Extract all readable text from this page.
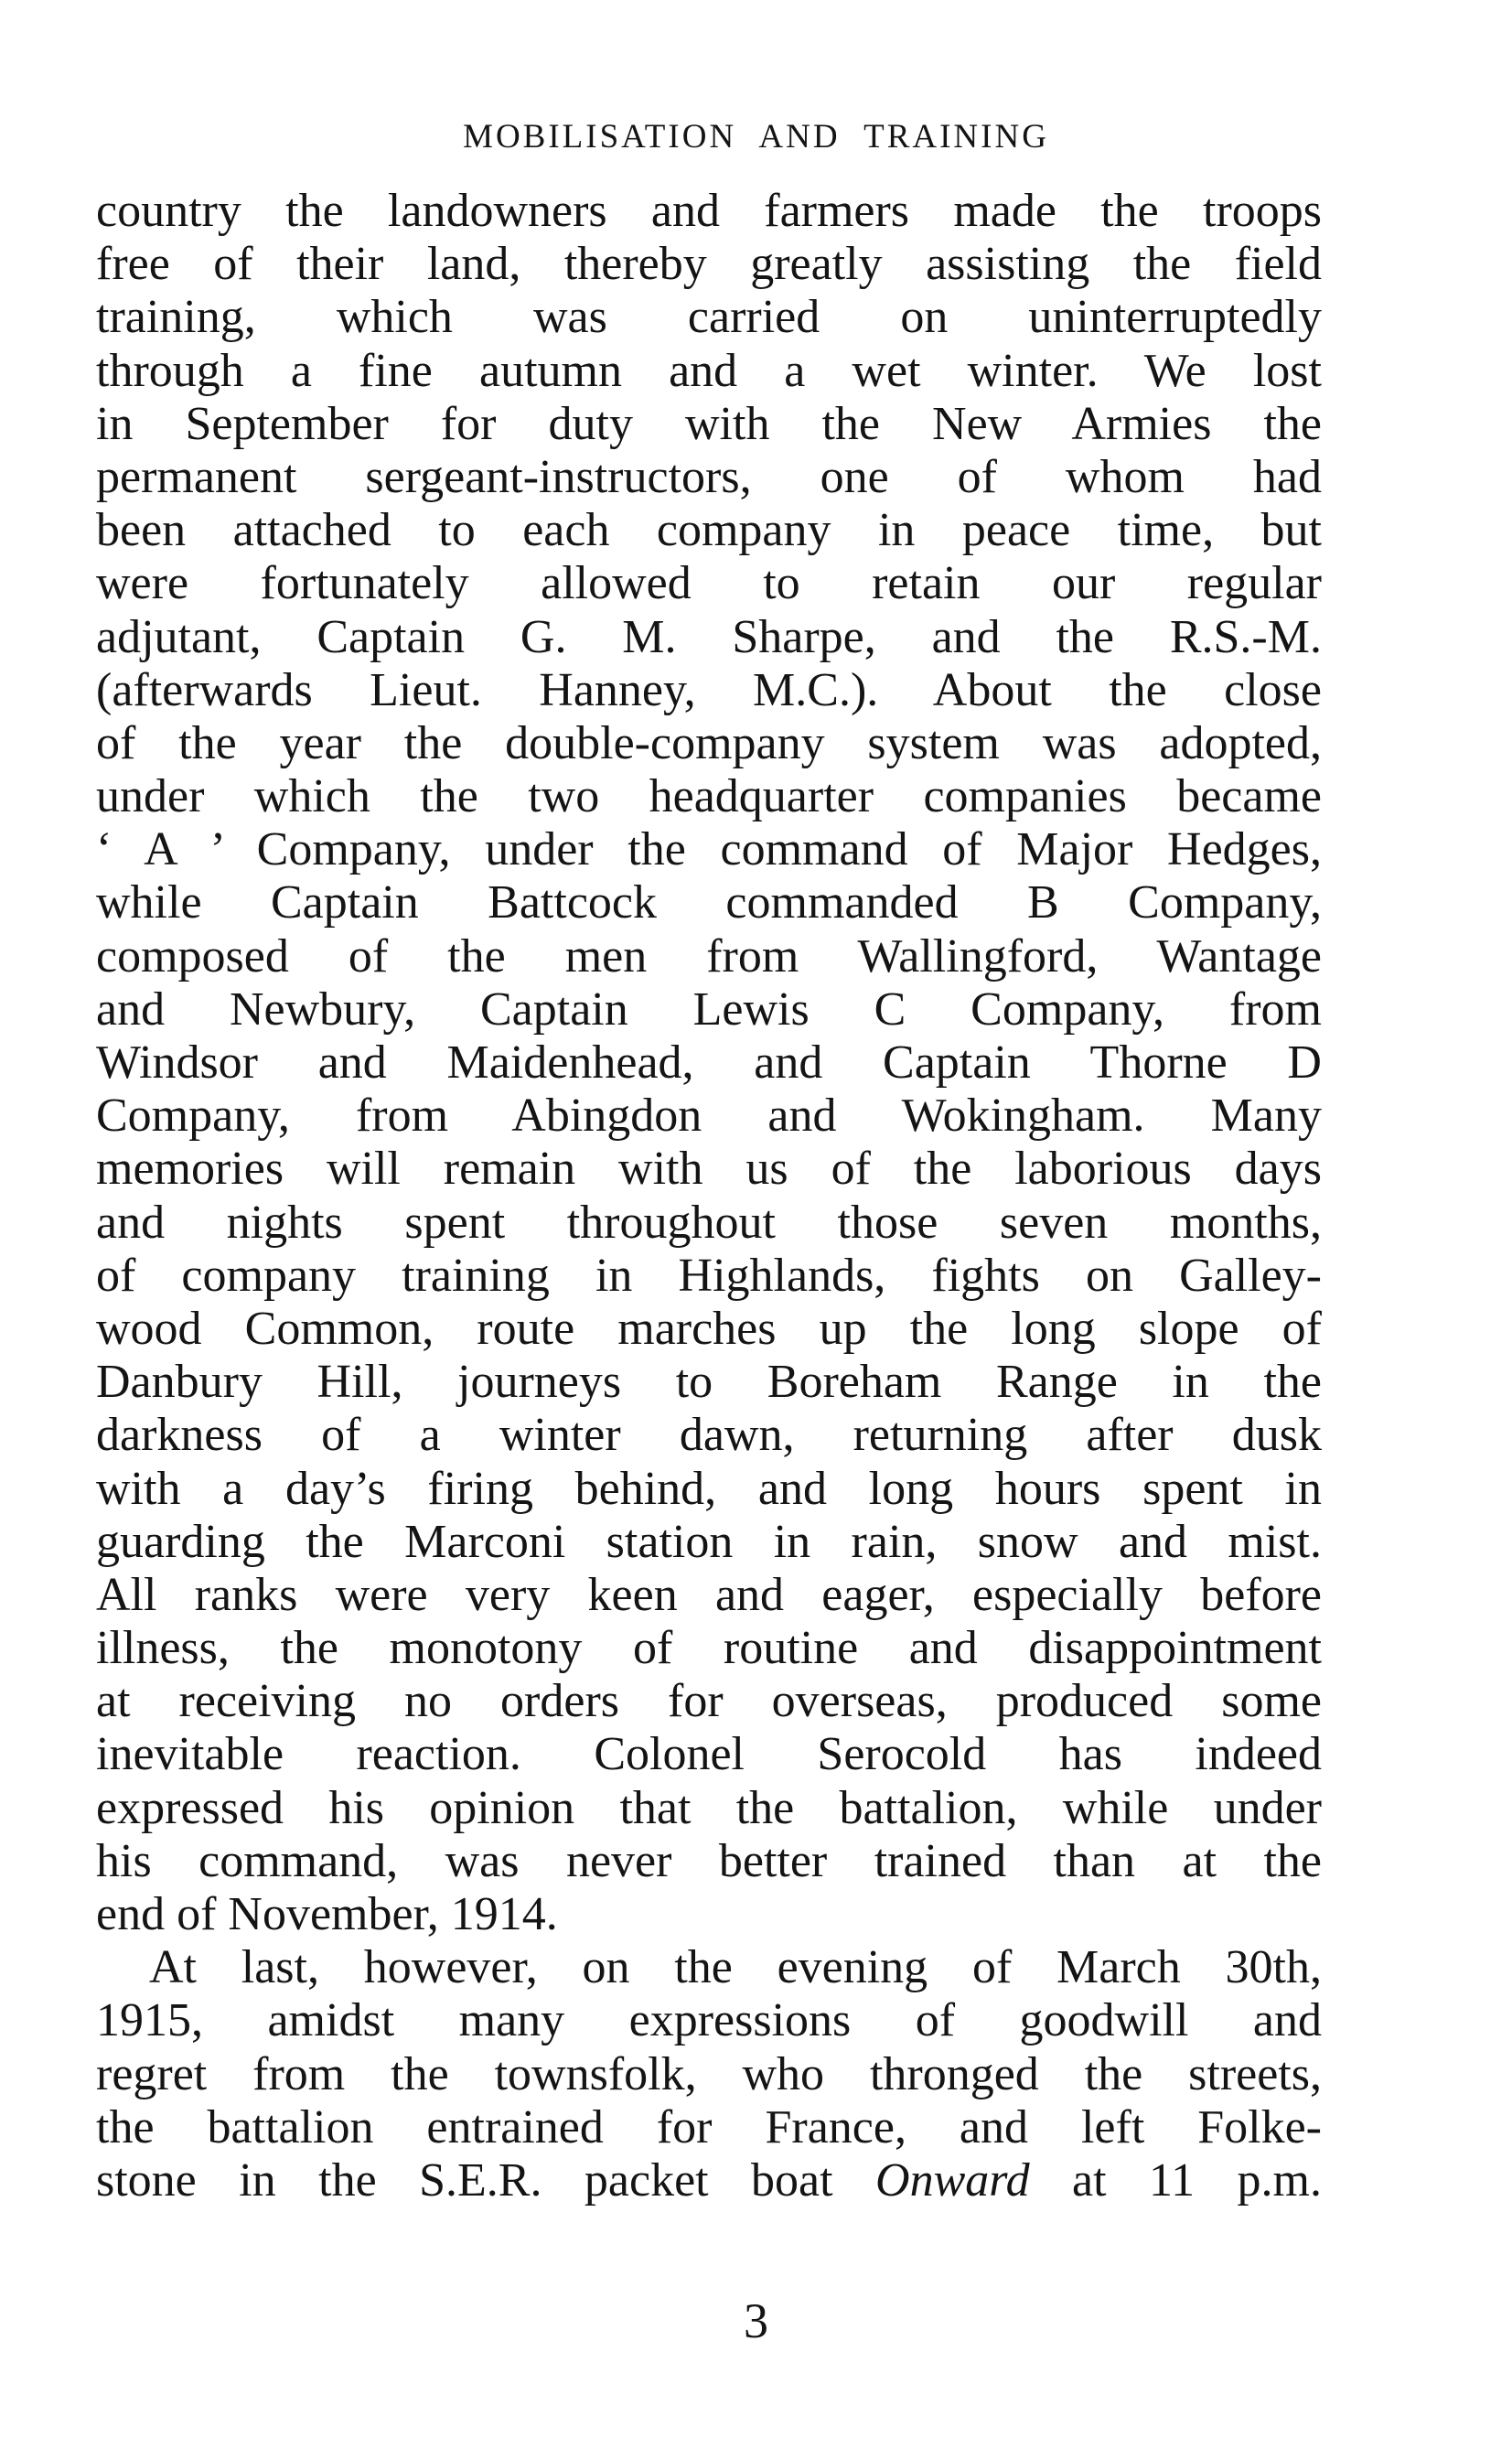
MOBILISATION AND TRAINING
country the landowners and farmers made the troops
free of their land, thereby greatly assisting the field
training, which was carried on uninterruptedly
through a fine autumn and a wet winter. We lost
in September for duty with the New Armies the
permanent sergeant-instructors, one of whom had
been attached to each company in peace time, but
were fortunately allowed to retain our regular
adjutant, Captain G. M. Sharpe, and the R.S.-M.
(afterwards Lieut. Hanney, M.C.). About the close
of the year the double-company system was adopted,
under which the two headquarter companies became
‘ A ’ Company, under the command of Major Hedges,
while Captain Battcock commanded B Company,
composed of the men from Wallingford, Wantage
and Newbury, Captain Lewis C Company, from
Windsor and Maidenhead, and Captain Thorne D
Company, from Abingdon and Wokingham. Many
memories will remain with us of the laborious days
and nights spent throughout those seven months,
of company training in Highlands, fights on Galley-
wood Common, route marches up the long slope of
Danbury Hill, journeys to Boreham Range in the
darkness of a winter dawn, returning after dusk
with a day’s firing behind, and long hours spent in
guarding the Marconi station in rain, snow and mist.
All ranks were very keen and eager, especially before
illness, the monotony of routine and disappointment
at receiving no orders for overseas, produced some
inevitable reaction. Colonel Serocold has indeed
expressed his opinion that the battalion, while under
his command, was never better trained than at the
end of November, 1914.
At last, however, on the evening of March 30th,
1915, amidst many expressions of goodwill and
regret from the townsfolk, who thronged the streets,
the battalion entrained for France, and left Folke-
stone in the S.E.R. packet boat Onward at 11 p.m.
3
